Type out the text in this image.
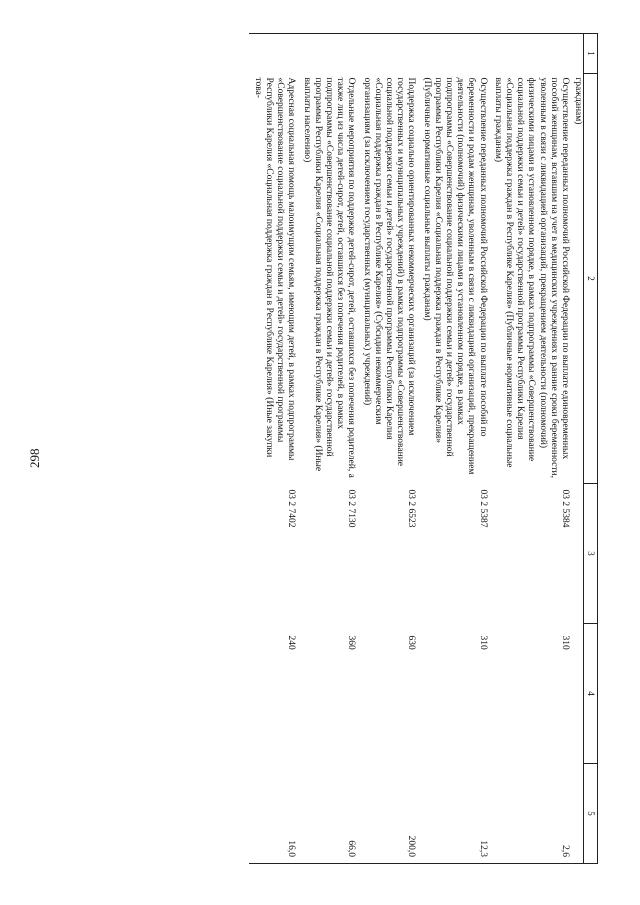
298
1	2	3	4	5
	гражданам)			
	Осуществление переданных полномочий Российской Федерации по выплате единовременных пособий женщинам, вставшим на учет в медицинских учреждениях в ранние сроки беременности, уволенным в связи с ликвидацией организаций, прекращением деятельности (полномочий) физическими лицами в установленном порядке, в рамках подпрограммы «Совершенствование социальной поддержки семьи и детей» государственной программы Республики Карелия «Социальная поддержка граждан в Республике Карелия» (Публичные нормативные социальные выплаты гражданам)	03 2 5384	310	2,6
	Осуществление переданных полномочий Российской Федерации по выплате пособий по беременности и родам женщинам, уволенным в связи с ликвидацией организаций, прекращением деятельности (полномочий) физическими лицами в установленном порядке, в рамках подпрограммы «Совершенствование социальной поддержки семьи и детей» государственной программы Республики Карелия «Социальная поддержка граждан в Республике Карелия» (Публичные нормативные социальные выплаты гражданам)	03 2 5387	310	12,3
	Поддержка социально ориентированных некоммерческих организаций (за исключением государственных и муниципальных учреждений) в рамках подпрограммы «Совершенствование социальной поддержки семьи и детей» государственной программы Республики Карелия «Социальная поддержка граждан в Республике Карелия» (Субсидии некоммерческим организациям (за исключением государственных (муниципальных) учреждений)	03 2 6523	630	200,0
	Отдельные мероприятия по поддержке детей-сирот, детей, оставшихся без попечения родителей, а также лиц из числа детей-сирот, детей, оставшихся без попечения родителей, в рамках подпрограммы «Совершенствование социальной поддержки семьи и детей» государственной программы Республики Карелия «Социальная поддержка граждан в Республике Карелия» (Иные выплаты населению)	03 2 7130	360	66,0
	Адресная социальная помощь малоимущим семьям, имеющим детей, в рамках подпрограммы «Совершенствование социальной поддержки семьи и детей» государственной программы Республики Карелия «Социальная поддержка граждан в Республике Карелия» (Иные закупки това-	03 2 7402	240	16,0
